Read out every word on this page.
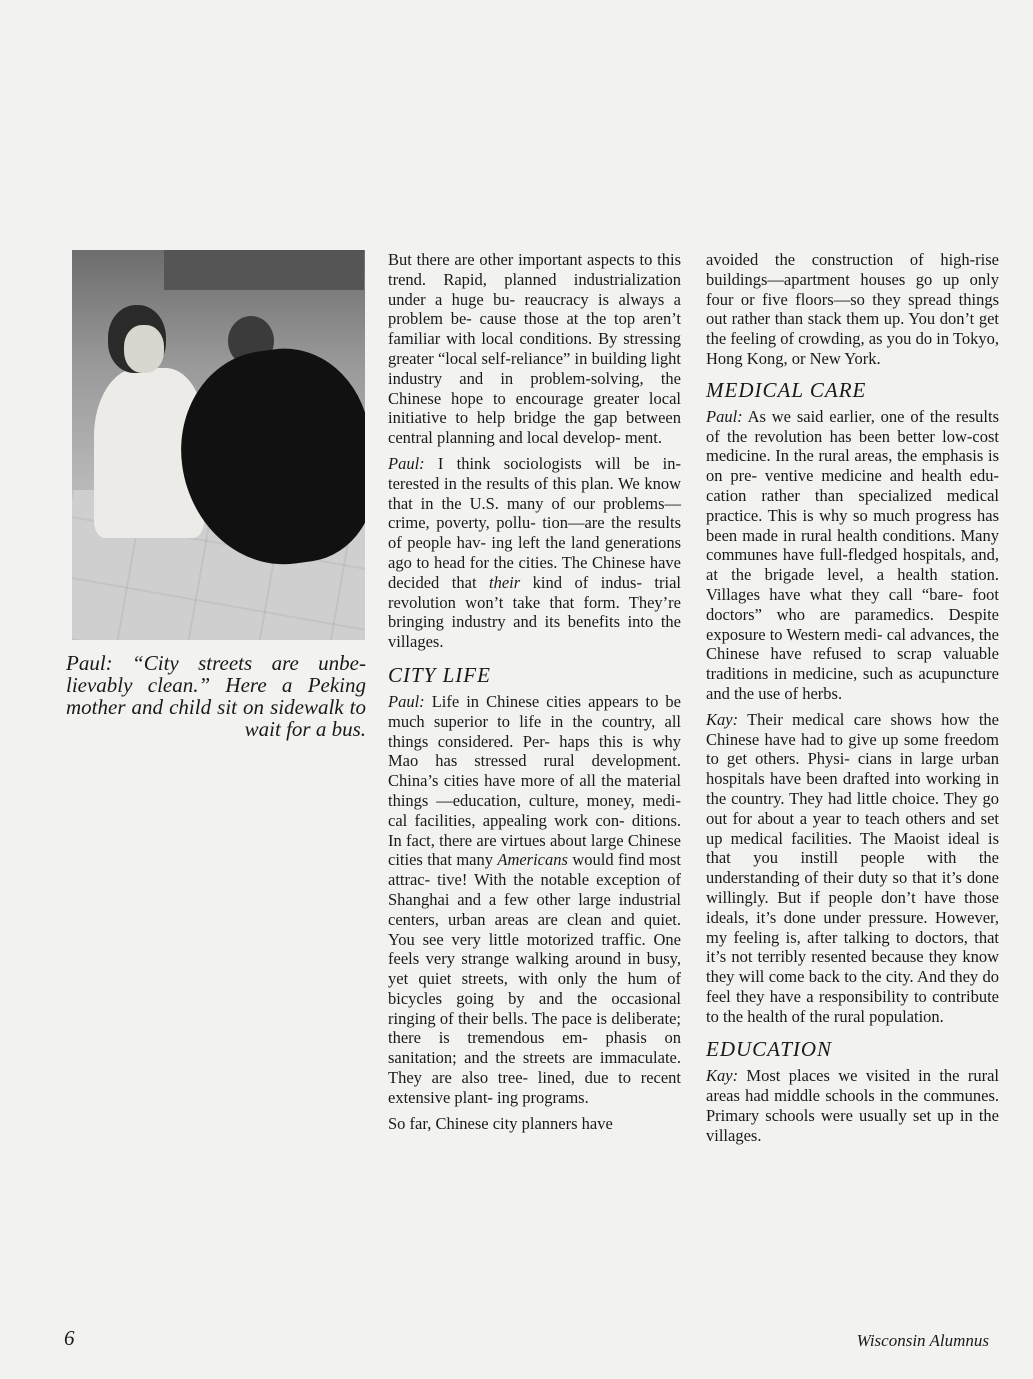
Paul: “City streets are unbe- lievably clean.” Here a Peking mother and child sit on sidewalk to wait for a bus.

But there are other important aspects to this trend. Rapid, planned industrialization under a huge bu- reaucracy is always a problem be- cause those at the top aren’t familiar with local conditions. By stressing greater “local self-reliance” in building light industry and in problem-solving, the Chinese hope to encourage greater local initiative to help bridge the gap between central planning and local develop- ment.

Paul: I think sociologists will be in- terested in the results of this plan. We know that in the U.S. many of our problems—crime, poverty, pollu- tion—are the results of people hav- ing left the land generations ago to head for the cities. The Chinese have decided that their kind of indus- trial revolution won’t take that form. They’re bringing industry and its benefits into the villages.

CITY LIFE

Paul: Life in Chinese cities appears to be much superior to life in the country, all things considered. Per- haps this is why Mao has stressed rural development. China’s cities have more of all the material things —education, culture, money, medi- cal facilities, appealing work con- ditions. In fact, there are virtues about large Chinese cities that many Americans would find most attrac- tive! With the notable exception of Shanghai and a few other large industrial centers, urban areas are clean and quiet. You see very little motorized traffic. One feels very strange walking around in busy, yet quiet streets, with only the hum of bicycles going by and the occasional ringing of their bells. The pace is deliberate; there is tremendous em- phasis on sanitation; and the streets are immaculate. They are also tree- lined, due to recent extensive plant- ing programs.

So far, Chinese city planners have

avoided the construction of high-rise buildings—apartment houses go up only four or five floors—so they spread things out rather than stack them up. You don’t get the feeling of crowding, as you do in Tokyo, Hong Kong, or New York.

MEDICAL CARE

Paul: As we said earlier, one of the results of the revolution has been better low-cost medicine. In the rural areas, the emphasis is on pre- ventive medicine and health edu- cation rather than specialized medical practice. This is why so much progress has been made in rural health conditions. Many communes have full-fledged hospitals, and, at the brigade level, a health station. Villages have what they call “bare- foot doctors” who are paramedics. Despite exposure to Western medi- cal advances, the Chinese have refused to scrap valuable traditions in medicine, such as acupuncture and the use of herbs.

Kay: Their medical care shows how the Chinese have had to give up some freedom to get others. Physi- cians in large urban hospitals have been drafted into working in the country. They had little choice. They go out for about a year to teach others and set up medical facilities. The Maoist ideal is that you instill people with the understanding of their duty so that it’s done willingly. But if people don’t have those ideals, it’s done under pressure. However, my feeling is, after talking to doctors, that it’s not terribly resented because they know they will come back to the city. And they do feel they have a responsibility to contribute to the health of the rural population.

EDUCATION

Kay: Most places we visited in the rural areas had middle schools in the communes. Primary schools were usually set up in the villages.

6	Wisconsin Alumnus
